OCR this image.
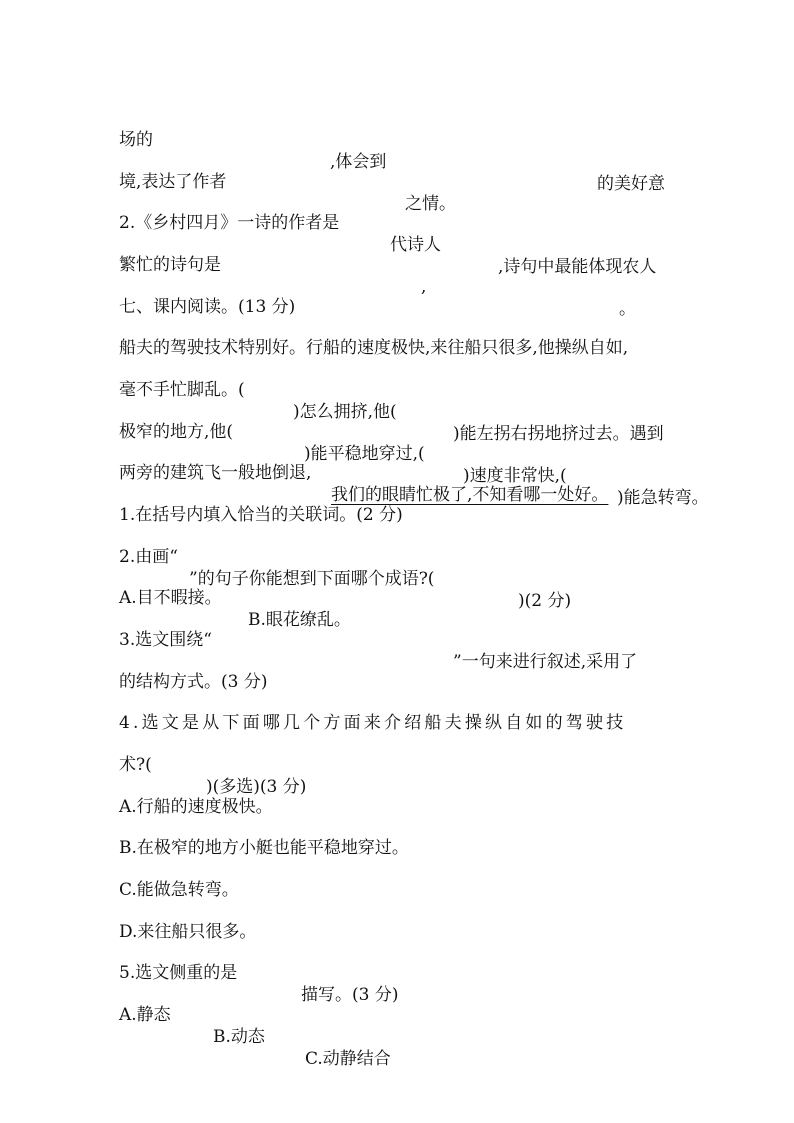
场的

,体会到

的美好意

境,表达了作者

之情。

2.《乡村四月》一诗的作者是

代诗人

,诗句中最能体现农人

繁忙的诗句是

,

。

七、课内阅读。(13 分)

船夫的驾驶技术特别好。行船的速度极快,来往船只很多,他操纵自如,

毫不手忙脚乱。(

)怎么拥挤,他(

)能左拐右拐地挤过去。遇到

极窄的地方,他(

)能平稳地穿过,(

)速度非常快,(

)能急转弯。

两旁的建筑飞一般地倒退,

我们的眼睛忙极了,不知看哪一处好。

1.在括号内填入恰当的关联词。(2 分)

2.由画“

”的句子你能想到下面哪个成语?(

)(2 分)

A.目不暇接。

B.眼花缭乱。

3.选文围绕“

”一句来进行叙述,采用了

的结构方式。(3 分)

4.选文是从下面哪几个方面来介绍船夫操纵自如的驾驶技

术?(

)(多选)(3 分)

A.行船的速度极快。

B.在极窄的地方小艇也能平稳地穿过。

C.能做急转弯。

D.来往船只很多。

5.选文侧重的是

描写。(3 分)

A.静态

B.动态

C.动静结合
